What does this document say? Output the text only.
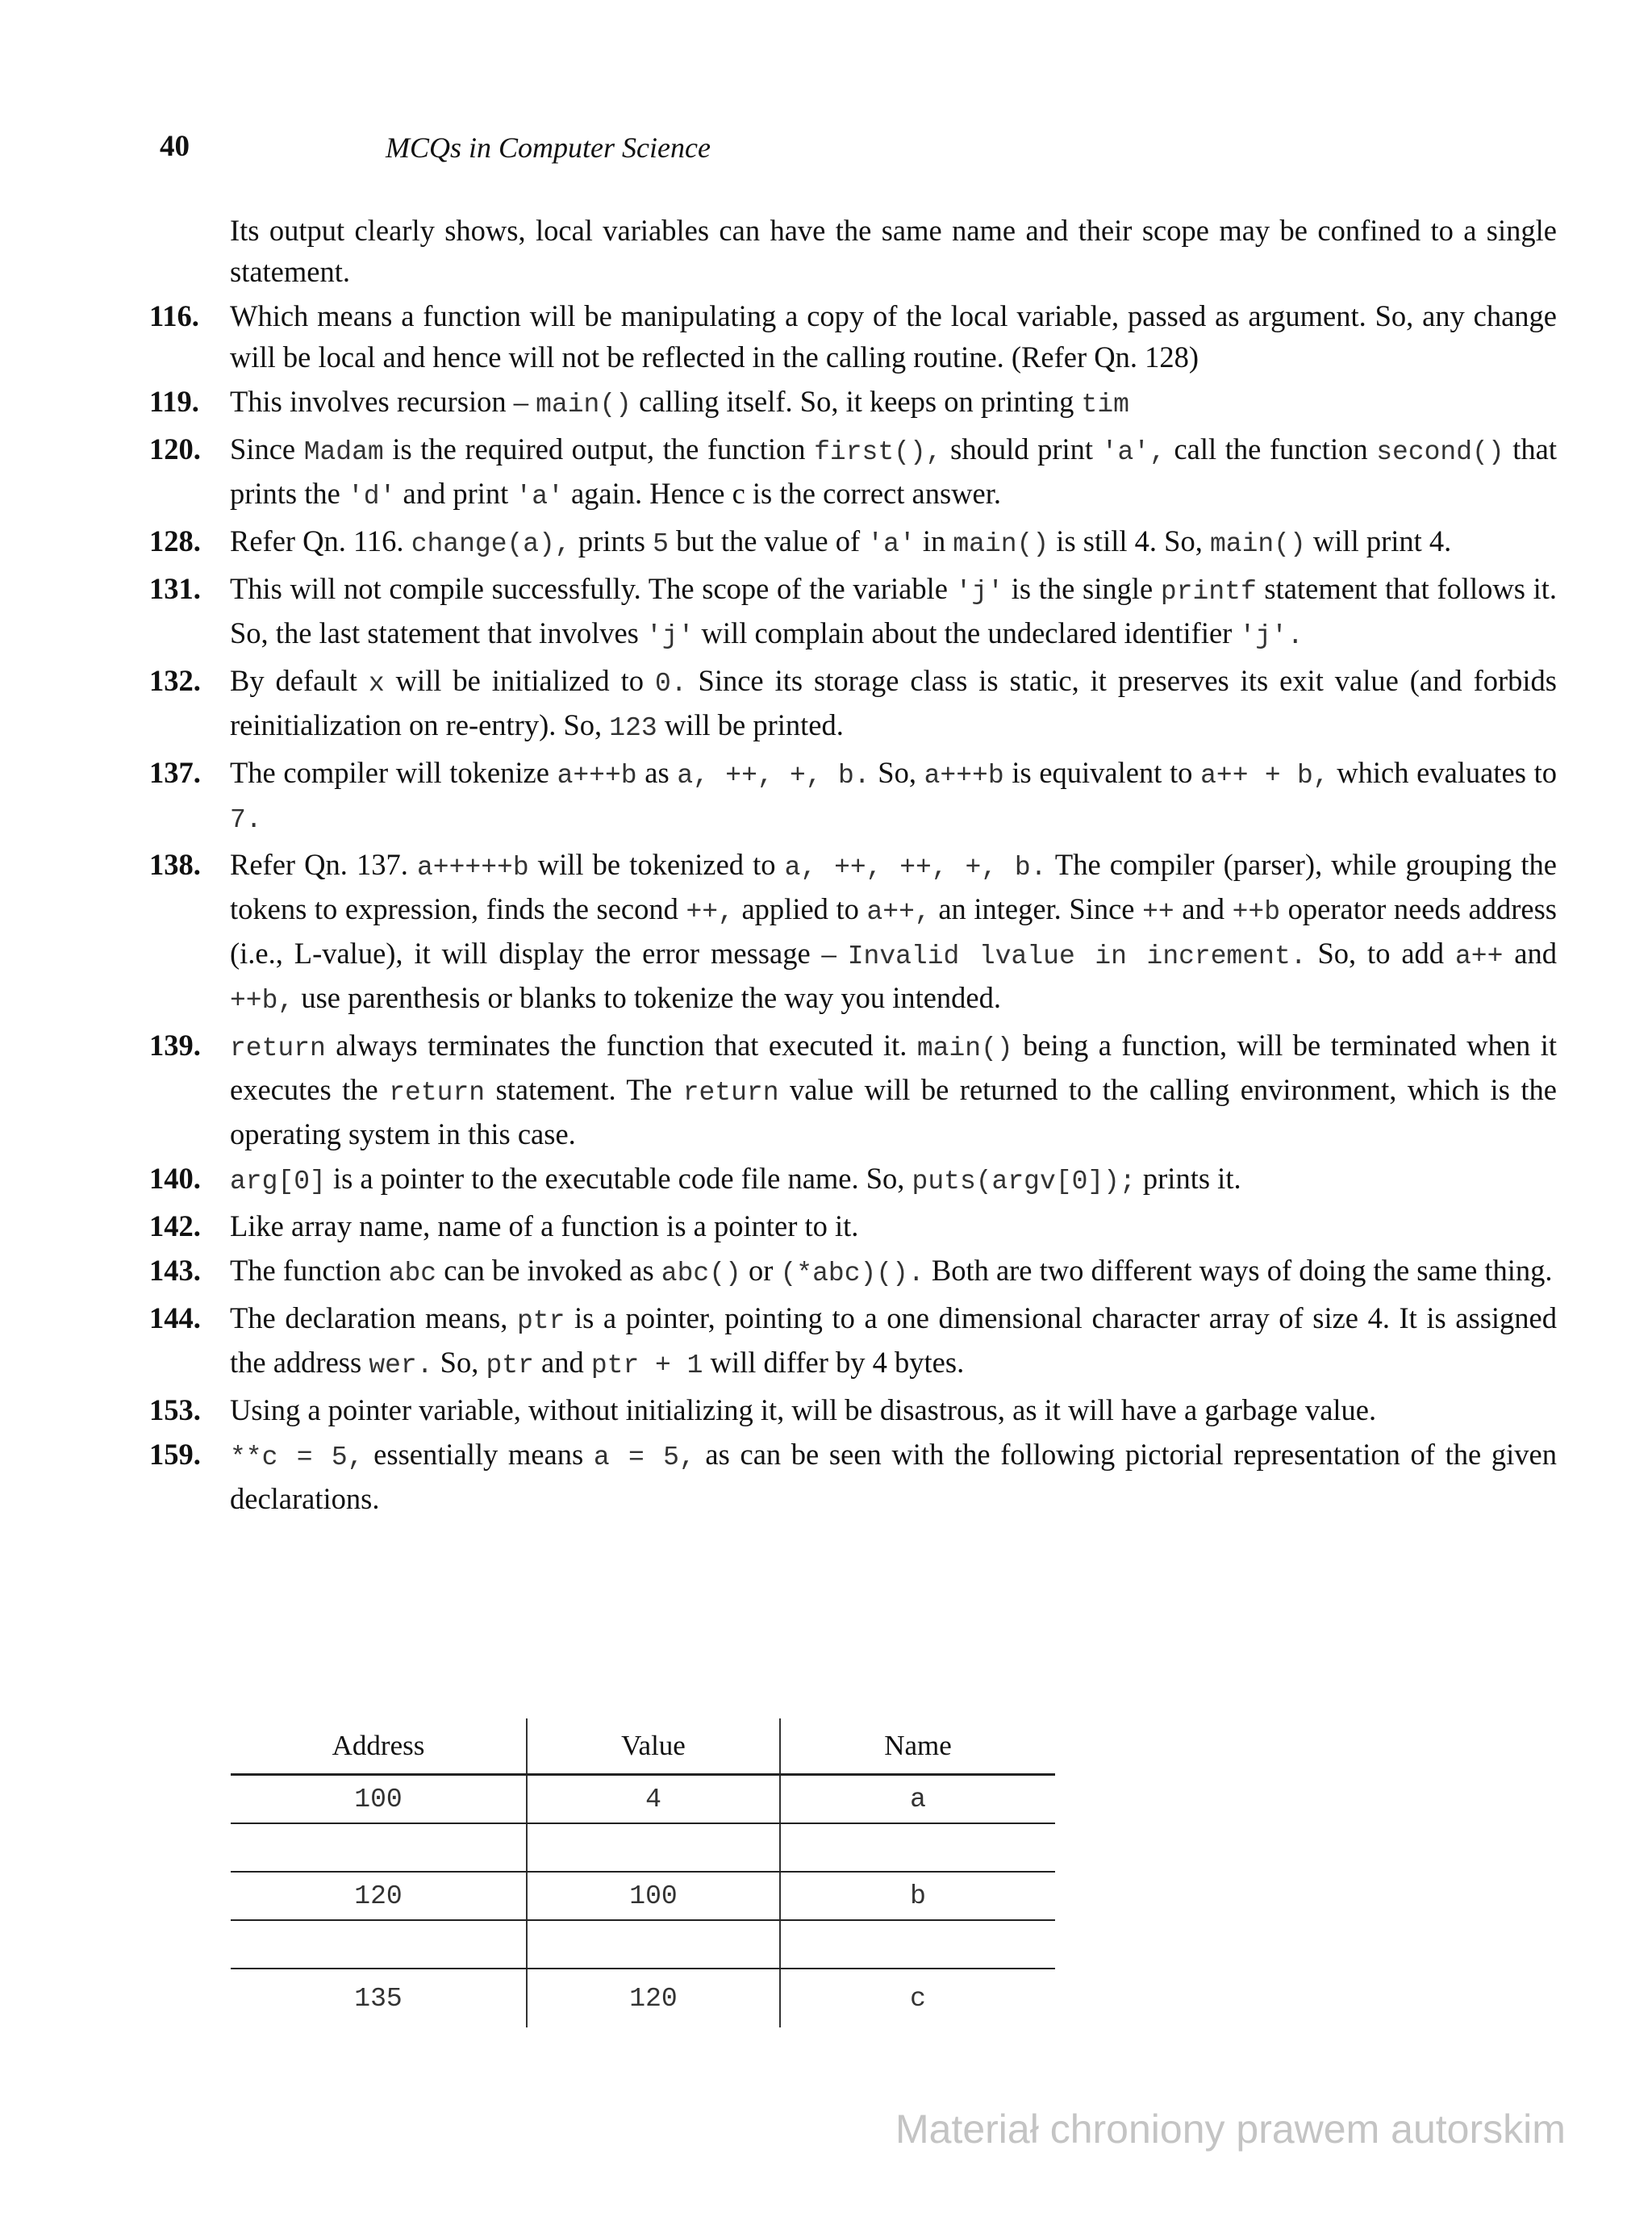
40	MCQs in Computer Science
Its output clearly shows, local variables can have the same name and their scope may be confined to a single statement.
116.	Which means a function will be manipulating a copy of the local variable, passed as argument. So, any change will be local and hence will not be reflected in the calling routine. (Refer Qn. 128)
119.	This involves recursion – main() calling itself. So, it keeps on printing tim
120. Since Madam is the required output, the function first(), should print 'a', call the function second() that prints the 'd' and print 'a' again. Hence c is the correct answer.
128. Refer Qn. 116. change(a), prints 5 but the value of 'a' in main() is still 4. So, main() will print 4.
131. This will not compile successfully. The scope of the variable 'j' is the single printf statement that follows it. So, the last statement that involves 'j' will complain about the undeclared identifier 'j'.
132. By default x will be initialized to 0. Since its storage class is static, it preserves its exit value (and forbids reinitialization on re-entry). So, 123 will be printed.
137. The compiler will tokenize a+++b as a, ++, +, b. So, a+++b is equivalent to a++ + b, which evaluates to 7.
138. Refer Qn. 137. a+++++b will be tokenized to a, ++, ++, +, b. The compiler (parser), while grouping the tokens to expression, finds the second ++, applied to a++, an integer. Since ++ and ++b operator needs address (i.e., L-value), it will display the error message – Invalid lvalue in increment. So, to add a++ and ++b, use parenthesis or blanks to tokenize the way you intended.
139.	return always terminates the function that executed it. main() being a function, will be terminated when it executes the return statement. The return value will be returned to the calling environment, which is the operating system in this case.
140.	arg[0] is a pointer to the executable code file name. So, puts(argv[0]); prints it.
142. Like array name, name of a function is a pointer to it.
143. The function abc can be invoked as abc() or (*abc)(). Both are two different ways of doing the same thing.
144. The declaration means, ptr is a pointer, pointing to a one dimensional character array of size 4. It is assigned the address wer. So, ptr and ptr + 1 will differ by 4 bytes.
153. Using a pointer variable, without initializing it, will be disastrous, as it will have a garbage value.
159.	**c = 5, essentially means a = 5, as can be seen with the following pictorial representation of the given declarations.
Address	Value	Name
100	4	a

120	100	b

135	120	c
Materiał chroniony prawem autorskim
